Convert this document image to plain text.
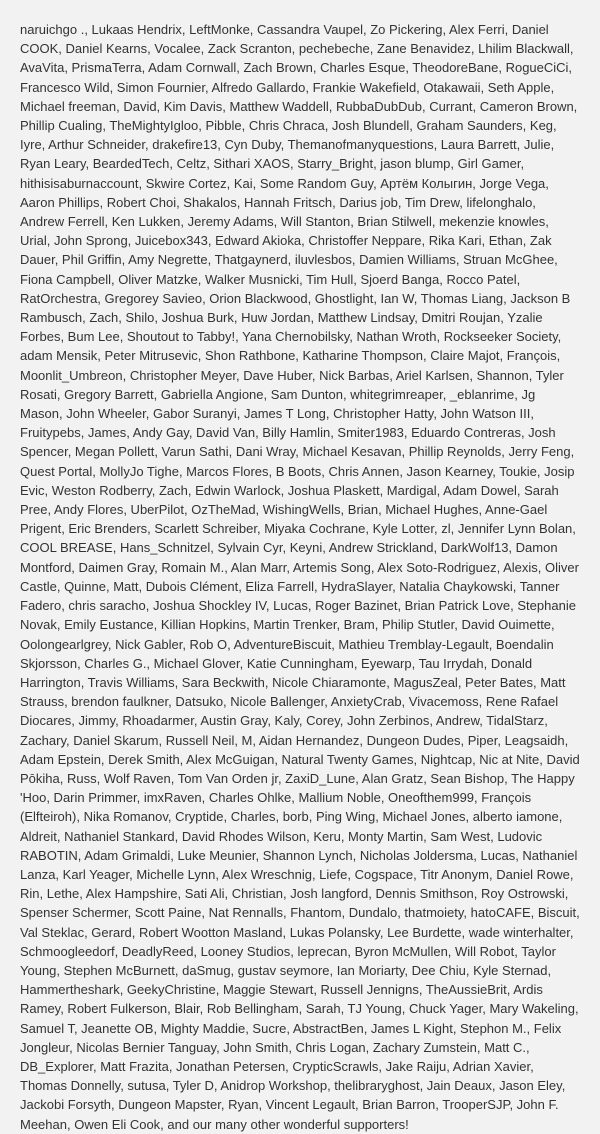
naruichgo ., Lukaas Hendrix, LeftMonke, Cassandra Vaupel, Zo Pickering, Alex Ferri, Daniel COOK, Daniel Kearns, Vocalee, Zack Scranton, pechebeche, Zane Benavidez, Lhilim Blackwall, AvaVita, PrismaTerra, Adam Cornwall, Zach Brown, Charles Esque, TheodoreBane, RogueCiCi, Francesco Wild, Simon Fournier, Alfredo Gallardo, Frankie Wakefield, Otakawaii, Seth Apple, Michael freeman, David, Kim Davis, Matthew Waddell, RubbaDubDub, Currant, Cameron Brown, Phillip Cualing, TheMightyIgloo, Pibble, Chris Chraca, Josh Blundell, Graham Saunders, Keg, Iyre, Arthur Schneider, drakefire13, Cyn Duby, Themanofmanyquestions, Laura Barrett, Julie, Ryan Leary, BeardedTech, Celtz, Sithari XAOS, Starry_Bright, jason blump, Girl Gamer, hithisisaburnaccount, Skwire Cortez, Kai, Some Random Guy, Артём Колыгин, Jorge Vega, Aaron Phillips, Robert Choi, Shakalos, Hannah Fritsch, Darius job, Tim Drew, lifelonghalo, Andrew Ferrell, Ken Lukken, Jeremy Adams, Will Stanton, Brian Stilwell, mekenzie knowles, Urial, John Sprong, Juicebox343, Edward Akioka, Christoffer Neppare, Rika Kari, Ethan, Zak Dauer, Phil Griffin, Amy Negrette, Thatgaynerd, iluvlesbos, Damien Williams, Struan McGhee, Fiona Campbell, Oliver Matzke, Walker Musnicki, Tim Hull, Sjoerd Banga, Rocco Patel, RatOrchestra, Gregorey Savieo, Orion Blackwood, Ghostlight, Ian W, Thomas Liang, Jackson B Rambusch, Zach, Shilo, Joshua Burk, Huw Jordan, Matthew Lindsay, Dmitri Roujan, Yzalie Forbes, Bum Lee, Shoutout to Tabby!, Yana Chernobilsky, Nathan Wroth, Rockseeker Society, adam Mensik, Peter Mitrusevic, Shon Rathbone, Katharine Thompson, Claire Majot, François, Moonlit_Umbreon, Christopher Meyer, Dave Huber, Nick Barbas, Ariel Karlsen, Shannon, Tyler Rosati, Gregory Barrett, Gabriella Angione, Sam Dunton, whitegrimreaper, _eblanrime, Jg Mason, John Wheeler, Gabor Suranyi, James T Long, Christopher Hatty, John Watson III, Fruitypebs, James, Andy Gay, David Van, Billy Hamlin, Smiter1983, Eduardo Contreras, Josh Spencer, Megan Pollett, Varun Sathi, Dani Wray, Michael Kesavan, Phillip Reynolds, Jerry Feng, Quest Portal, MollyJo Tighe, Marcos Flores, B Boots, Chris Annen, Jason Kearney, Toukie, Josip Evic, Weston Rodberry, Zach, Edwin Warlock, Joshua Plaskett, Mardigal, Adam Dowel, Sarah Pree, Andy Flores, UberPilot, OzTheMad, WishingWells, Brian, Michael Hughes, Anne-Gael Prigent, Eric Brenders, Scarlett Schreiber, Miyaka Cochrane, Kyle Lotter, zl, Jennifer Lynn Bolan, COOL BREASE, Hans_Schnitzel, Sylvain Cyr, Keyni, Andrew Strickland, DarkWolf13, Damon Montford, Daimen Gray, Romain M., Alan Marr, Artemis Song, Alex Soto-Rodriguez, Alexis, Oliver Castle, Quinne, Matt, Dubois Clément, Eliza Farrell, HydraSlayer, Natalia Chaykowski, Tanner Fadero, chris saracho, Joshua Shockley IV, Lucas, Roger Bazinet, Brian Patrick Love, Stephanie Novak, Emily Eustance, Killian Hopkins, Martin Trenker, Bram, Philip Stutler, David Ouimette, Oolongearlgrey, Nick Gabler, Rob O, AdventureBiscuit, Mathieu Tremblay-Legault, Boendalin Skjorsson, Charles G., Michael Glover, Katie Cunningham, Eyewarp, Tau Irrydah, Donald Harrington, Travis Williams, Sara Beckwith, Nicole Chiaramonte, MagusZeal, Peter Bates, Matt Strauss, brendon faulkner, Datsuko, Nicole Ballenger, AnxietyCrab, Vivacemoss, Rene Rafael Diocares, Jimmy, Rhoadarmer, Austin Gray, Kaly, Corey, John Zerbinos, Andrew, TidalStarz, Zachary, Daniel Skarum, Russell Neil, M, Aidan Hernandez, Dungeon Dudes, Piper, Leagsaidh, Adam Epstein, Derek Smith, Alex McGuigan, Natural Twenty Games, Nightcap, Nic at Nite, David Pōkiha, Russ, Wolf Raven, Tom Van Orden jr, ZaxiD_Lune, Alan Gratz, Sean Bishop, The Happy 'Hoo, Darin Primmer, imxRaven, Charles Ohlke, Mallium Noble, Oneofthem999, François (Elfteiroh), Nika Romanov, Cryptide, Charles, borb, Ping Wing, Michael Jones, alberto iamone, Aldreit, Nathaniel Stankard, David Rhodes Wilson, Keru, Monty Martin, Sam West, Ludovic RABOTIN, Adam Grimaldi, Luke Meunier, Shannon Lynch, Nicholas Joldersma, Lucas, Nathaniel Lanza, Karl Yeager, Michelle Lynn, Alex Wreschnig, Liefe, Cogspace, Titr Anonym, Daniel Rowe, Rin, Lethe, Alex Hampshire, Sati Ali, Christian, Josh langford, Dennis Smithson, Roy Ostrowski, Spenser Schermer, Scott Paine, Nat Rennalls, Fhantom, Dundalo, thatmoiety, hatoCAFE, Biscuit, Val Steklac, Gerard, Robert Wootton Masland, Lukas Polansky, Lee Burdette, wade winterhalter, Schmoogleedorf, DeadlyReed, Looney Studios, leprecan, Byron McMullen, Will Robot, Taylor Young, Stephen McBurnett, daSmug, gustav seymore, Ian Moriarty, Dee Chiu, Kyle Sternad, Hammertheshark, GeekyChristine, Maggie Stewart, Russell Jennigns, TheAussieBrit, Ardis Ramey, Robert Fulkerson, Blair, Rob Bellingham, Sarah, TJ Young, Chuck Yager, Mary Wakeling, Samuel T, Jeanette OB, Mighty Maddie, Sucre, AbstractBen, James L Kight, Stephon M., Felix Jongleur, Nicolas Bernier Tanguay, John Smith, Chris Logan, Zachary Zumstein, Matt C., DB_Explorer, Matt Frazita, Jonathan Petersen, CrypticScrawls, Jake Raiju, Adrian Xavier, Thomas Donnelly, sutusa, Tyler D, Anidrop Workshop, thelibraryghost, Jain Deaux, Jason Eley, Jackobi Forsyth, Dungeon Mapster, Ryan, Vincent Legault, Brian Barron, TrooperSJP, John F. Meehan, Owen Eli Cook, and our many other wonderful supporters!
